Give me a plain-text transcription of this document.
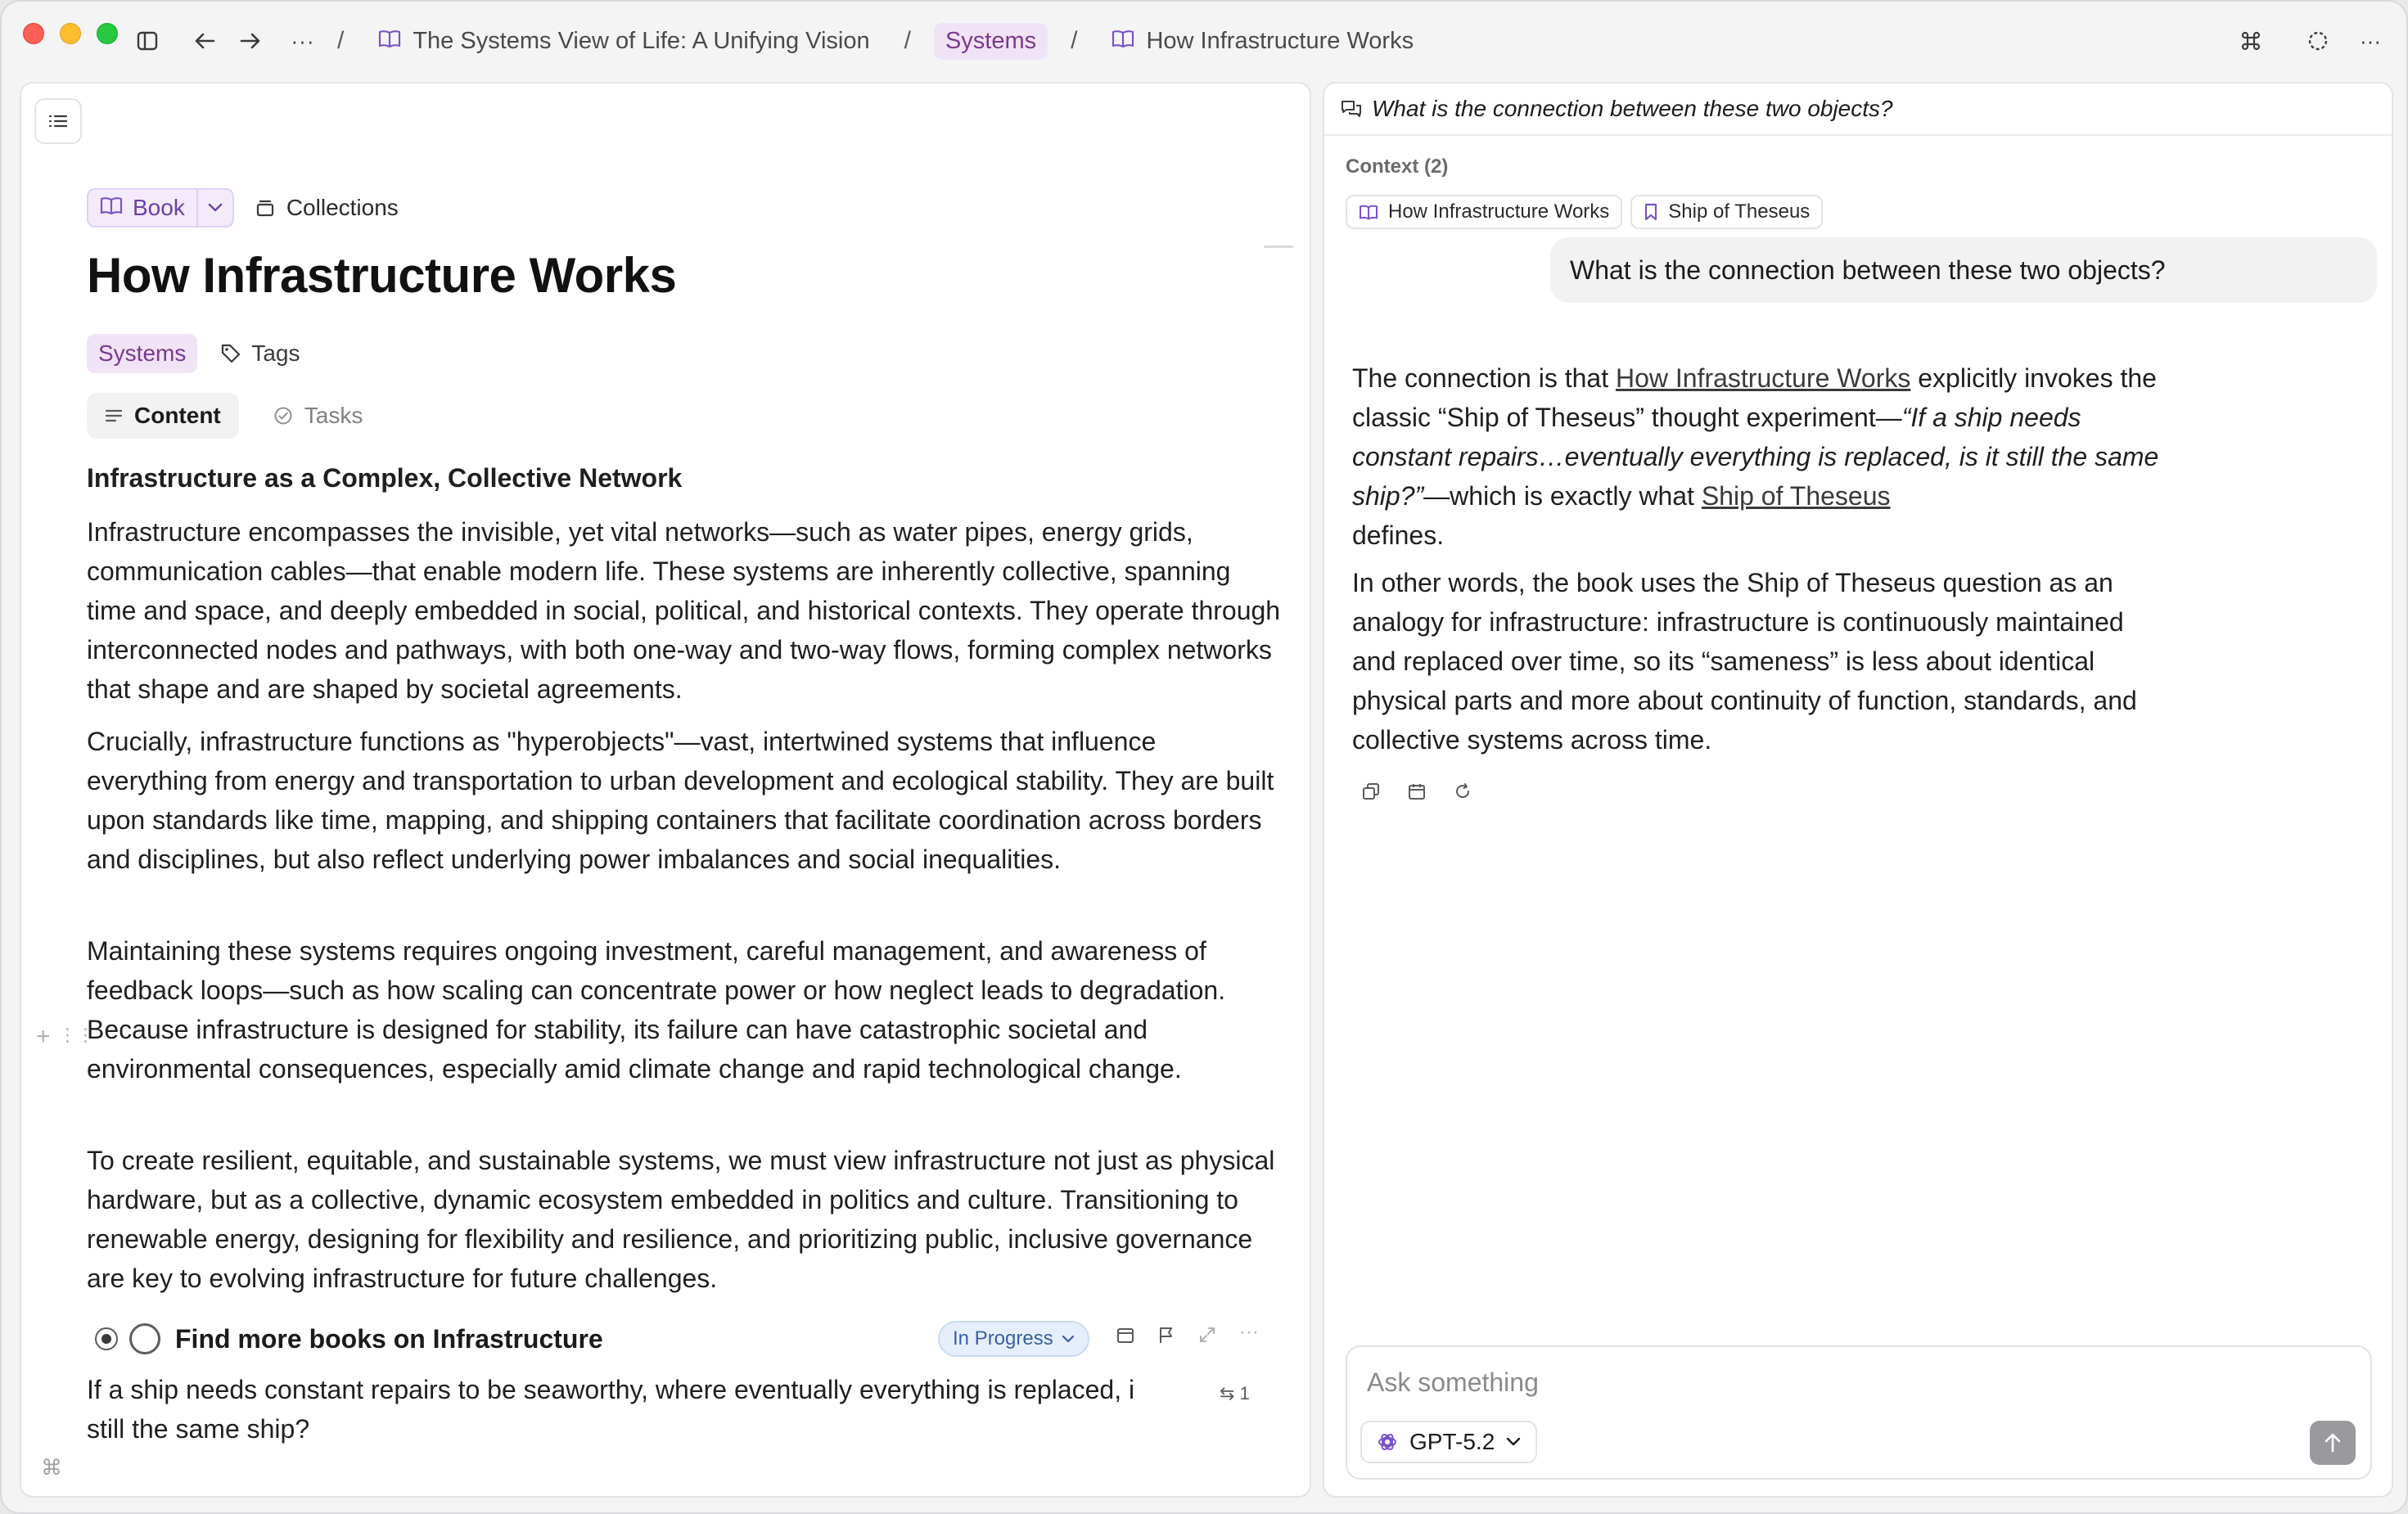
··· /	The Systems View of Life: A Unifying Vision	/	Systems	/	How Infrastructure Works	···
Book	Collections
How Infrastructure Works
Systems	Tags
Content	Tasks
Infrastructure as a Complex, Collective Network
Infrastructure encompasses the invisible, yet vital networks—such as water pipes, energy grids, communication cables—that enable modern life. These systems are inherently collective, spanning time and space, and deeply embedded in social, political, and historical contexts. They operate through interconnected nodes and pathways, with both one-way and two-way flows, forming complex networks that shape and are shaped by societal agreements.
Crucially, infrastructure functions as "hyperobjects"—vast, intertwined systems that influence everything from energy and transportation to urban development and ecological stability. They are built upon standards like time, mapping, and shipping containers that facilitate coordination across borders and disciplines, but also reflect underlying power imbalances and social inequalities.
Maintaining these systems requires ongoing investment, careful management, and awareness of feedback loops—such as how scaling can concentrate power or how neglect leads to degradation. Because infrastructure is designed for stability, its failure can have catastrophic societal and environmental consequences, especially amid climate change and rapid technological change.
To create resilient, equitable, and sustainable systems, we must view infrastructure not just as physical hardware, but as a collective, dynamic ecosystem embedded in politics and culture. Transitioning to renewable energy, designing for flexibility and resilience, and prioritizing public, inclusive governance are key to evolving infrastructure for future challenges.
+ ⋮⋮
Find more books on Infrastructure	In Progress	···
If a ship needs constant repairs to be seaworthy, where eventually everything is replaced, i
still the same ship?
⇆ 1
⌘
What is the connection between these two objects?
Context (2)
How Infrastructure Works	Ship of Theseus
What is the connection between these two objects?

The connection is that How Infrastructure Works explicitly invokes the classic “Ship of Theseus” thought experiment—“If a ship needs constant repairs…eventually everything is replaced, is it still the same ship?”—which is exactly what Ship of Theseus
defines.

In other words, the book uses the Ship of Theseus question as an analogy for infrastructure: infrastructure is continuously maintained and replaced over time, so its “sameness” is less about identical physical parts and more about continuity of function, standards, and collective systems across time.

Ask something
GPT-5.2
